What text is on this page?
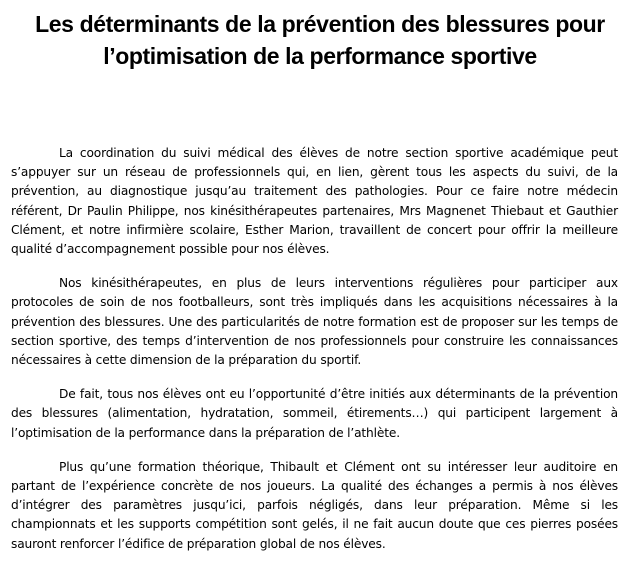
Les déterminants de la prévention des blessures pour
l’optimisation de la performance sportive

La coordination du suivi médical des élèves de notre section sportive académique peut s’appuyer sur un réseau de professionnels qui, en lien, gèrent tous les aspects du suivi, de la prévention, au diagnostique jusqu’au traitement des pathologies. Pour ce faire notre médecin référent, Dr Paulin Philippe, nos kinésithérapeutes partenaires, Mrs Magnenet Thiebaut et Gauthier Clément, et notre infirmière scolaire, Esther Marion, travaillent de concert pour offrir la meilleure qualité d’accompagnement possible pour nos élèves.

Nos kinésithérapeutes, en plus de leurs interventions régulières pour participer aux protocoles de soin de nos footballeurs, sont très impliqués dans les acquisitions nécessaires à la prévention des blessures. Une des particularités de notre formation est de proposer sur les temps de section sportive, des temps d’intervention de nos professionnels pour construire les connaissances nécessaires à cette dimension de la préparation du sportif.

De fait, tous nos élèves ont eu l’opportunité d’être initiés aux déterminants de la prévention des blessures (alimentation, hydratation, sommeil, étirements…) qui participent largement à l’optimisation de la performance dans la préparation de l’athlète.

Plus qu’une formation théorique, Thibault et Clément ont su intéresser leur auditoire en partant de l’expérience concrète de nos joueurs. La qualité des échanges a permis à nos élèves d’intégrer des paramètres jusqu’ici, parfois négligés, dans leur préparation. Même si les championnats et les supports compétition sont gelés, il ne fait aucun doute que ces pierres posées sauront renforcer l’édifice de préparation global de nos élèves.
